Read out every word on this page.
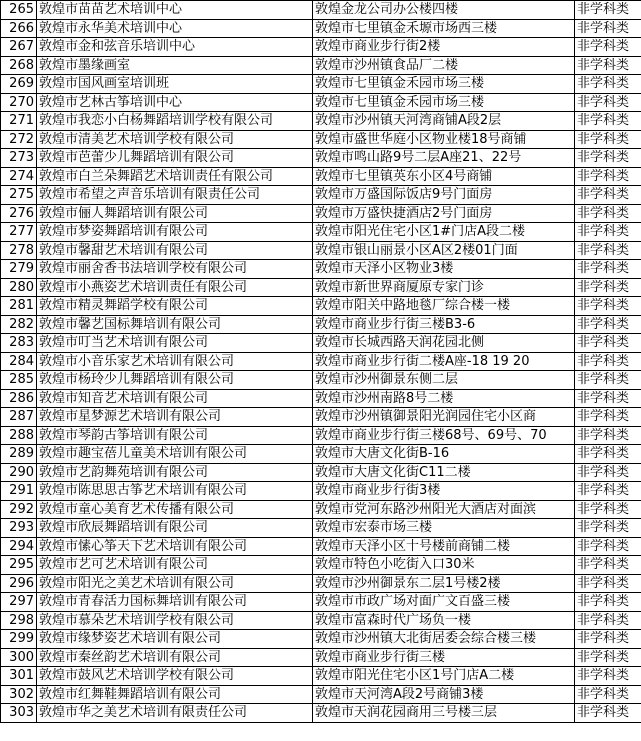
265	敦煌市苗苗艺术培训中心	敦煌金龙公司办公楼四楼	非学科类
266	敦煌市永华美术培训中心	敦煌市七里镇金禾塬市场西三楼	非学科类
267	敦煌市金和弦音乐培训中心	敦煌市商业步行街2楼	非学科类
268	敦煌市墨缘画室	敦煌市沙州镇食品厂二楼	非学科类
269	敦煌市国风画室培训班	敦煌市七里镇金禾园市场三楼	非学科类
270	敦煌市艺林古筝培训中心	敦煌市七里镇金禾园市场三楼	非学科类
271	敦煌市我恋小白杨舞蹈培训学校有限公司	敦煌市沙州镇天河湾商铺A段2层	非学科类
272	敦煌市清美艺术培训学校有限公司	敦煌市盛世华庭小区物业楼18号商铺	非学科类
273	敦煌市芭蕾少儿舞蹈培训有限公司	敦煌市鸣山路9号二层A座21、22号	非学科类
274	敦煌市白兰朵舞蹈艺术培训责任有限公司	敦煌市七里镇英东小区4号商铺	非学科类
275	敦煌市希望之声音乐培训有限责任公司	敦煌市万盛国际饭店9号门面房	非学科类
276	敦煌市俪人舞蹈培训有限公司	敦煌市万盛快捷酒店2号门面房	非学科类
277	敦煌市梦姿舞蹈培训有限公司	敦煌市阳光住宅小区1#门店A段二楼	非学科类
278	敦煌市馨甜艺术培训有限公司	敦煌市银山丽景小区A区2楼01门面	非学科类
279	敦煌市丽舍香书法培训学校有限公司	敦煌市天泽小区物业3楼	非学科类
280	敦煌市小燕姿艺术培训责任有限公司	敦煌市新世界商厦原专家门诊	非学科类
281	敦煌市精灵舞蹈学校有限公司	敦煌市阳关中路地毯厂综合楼一楼	非学科类
282	敦煌市馨艺国标舞培训有限公司	敦煌市商业步行街三楼B3-6	非学科类
283	敦煌市叮当艺术培训有限公司	敦煌市长城西路天润花园北侧	非学科类
284	敦煌市小音乐家艺术培训有限公司	敦煌市商业步行街二楼A座-18 19 20	非学科类
285	敦煌市杨玲少儿舞蹈培训有限公司	敦煌市沙州御景东侧二层	非学科类
286	敦煌市知音艺术培训有限公司	敦煌市沙州南路8号二楼	非学科类
287	敦煌市星梦源艺术培训有限公司	敦煌市沙州镇御景阳光润园住宅小区商	非学科类
288	敦煌市琴韵古筝培训有限公司	敦煌市商业步行街三楼68号、69号、70	非学科类
289	敦煌市趣宝蓓儿童美术培训有限公司	敦煌市大唐文化街B-16	非学科类
290	敦煌市艺韵舞苑培训有限公司	敦煌市大唐文化街C11二楼	非学科类
291	敦煌市陈思思古筝艺术培训有限公司	敦煌市商业步行街3楼	非学科类
292	敦煌市童心美育艺术传播有限公司	敦煌市党河东路沙州阳光大酒店对面滨	非学科类
293	敦煌市欣辰舞蹈培训有限公司	敦煌市宏泰市场三楼	非学科类
294	敦煌市愫心筝天下艺术培训有限公司	敦煌市天泽小区十号楼前商铺二楼	非学科类
295	敦煌市艺可艺术培训有限公司	敦煌市特色小吃街入口30米	非学科类
296	敦煌市阳光之美艺术培训有限公司	敦煌市沙州御景东二层1号楼2楼	非学科类
297	敦煌市青春活力国标舞培训有限公司	敦煌市市政广场对面广文百盛三楼	非学科类
298	敦煌市慕朵艺术培训学校有限公司	敦煌市富森时代广场负一楼	非学科类
299	敦煌市缘梦姿艺术培训有限公司	敦煌市沙州镇大北街居委会综合楼三楼	非学科类
300	敦煌市秦丝韵艺术培训有限公司	敦煌市商业步行街三楼	非学科类
301	敦煌市鼓风艺术培训学校有限公司	敦煌市阳光住宅小区1号门店A二楼	非学科类
302	敦煌市红舞鞋舞蹈培训有限公司	敦煌市天河湾A段2号商铺3楼	非学科类
303	敦煌市华之美艺术培训有限责任公司	敦煌市天润花园商用三号楼三层	非学科类
